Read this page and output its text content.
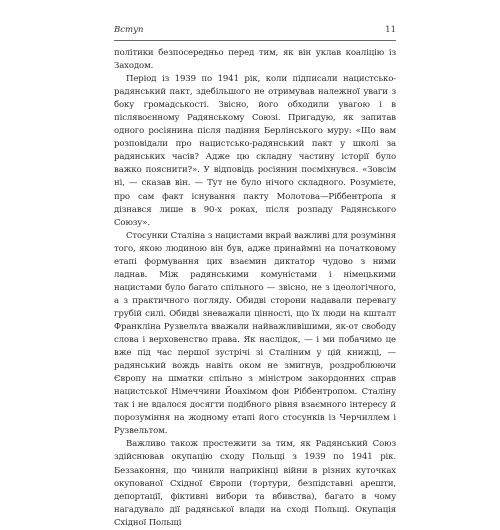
Вступ	11

політики безпосередньо перед тим, як він уклав коаліцію із Заходом.

Період із 1939 по 1941 рік, коли підписали нацистсько-радянський пакт, здебільшого не отримував належної уваги з боку громадськості. Звісно, його обходили увагою і в післявоєнному Радянському Союзі. Пригадую, як запитав одного росіянина після падіння Берлінського муру: «Що вам розповідали про нацистсько-радянський пакт у школі за радянських часів? Адже цю складну частину історії було важко пояснити?». У відповідь росіянин посміхнувся. «Зовсім ні, — сказав він. — Тут не було нічого складного. Розумієте, про сам факт існування пакту Молотова—Ріббентропа я дізнався лише в 90-х роках, після розпаду Радянського Союзу».

Стосунки Сталіна з нацистами вкрай важливі для розуміння того, якою людиною він був, адже принаймні на початковому етапі формування цих взаємин диктатор чудово з ними ладнав. Між радянськими комуністами і німецькими нацистами було багато спільного — звісно, не з ідеологічного, а з практичного погляду. Обидві сторони надавали перевагу грубій силі. Обидві зневажали цінності, що їх люди на кшталт Франкліна Рузвельта вважали найважливішими, як-от свободу слова і верховенство права. Як наслідок, — і ми побачимо це вже під час першої зустрічі зі Сталіним у цій книжці, — радянський вождь навіть оком не змигнув, роздроблюючи Європу на шматки спільно з міністром закордонних справ нацистської Німеччини Йоахімом фон Ріббентропом. Сталіну так і не вдалося досягти подібного рівня взаємного інтересу й порозуміння на жодному етапі його стосунків із Черчиллем і Рузвельтом.

Важливо також простежити за тим, як Радянський Союз здійснював окупацію сходу Польщі з 1939 по 1941 рік. Беззаконня, що чинили наприкінці війни в різних куточках окупованої Східної Європи (тортури, безпідставні арешти, депортації, фіктивні вибори та вбивства), багато в чому нагадувало дії радянської влади на сході Польщі. Окупація Східної Польщі
